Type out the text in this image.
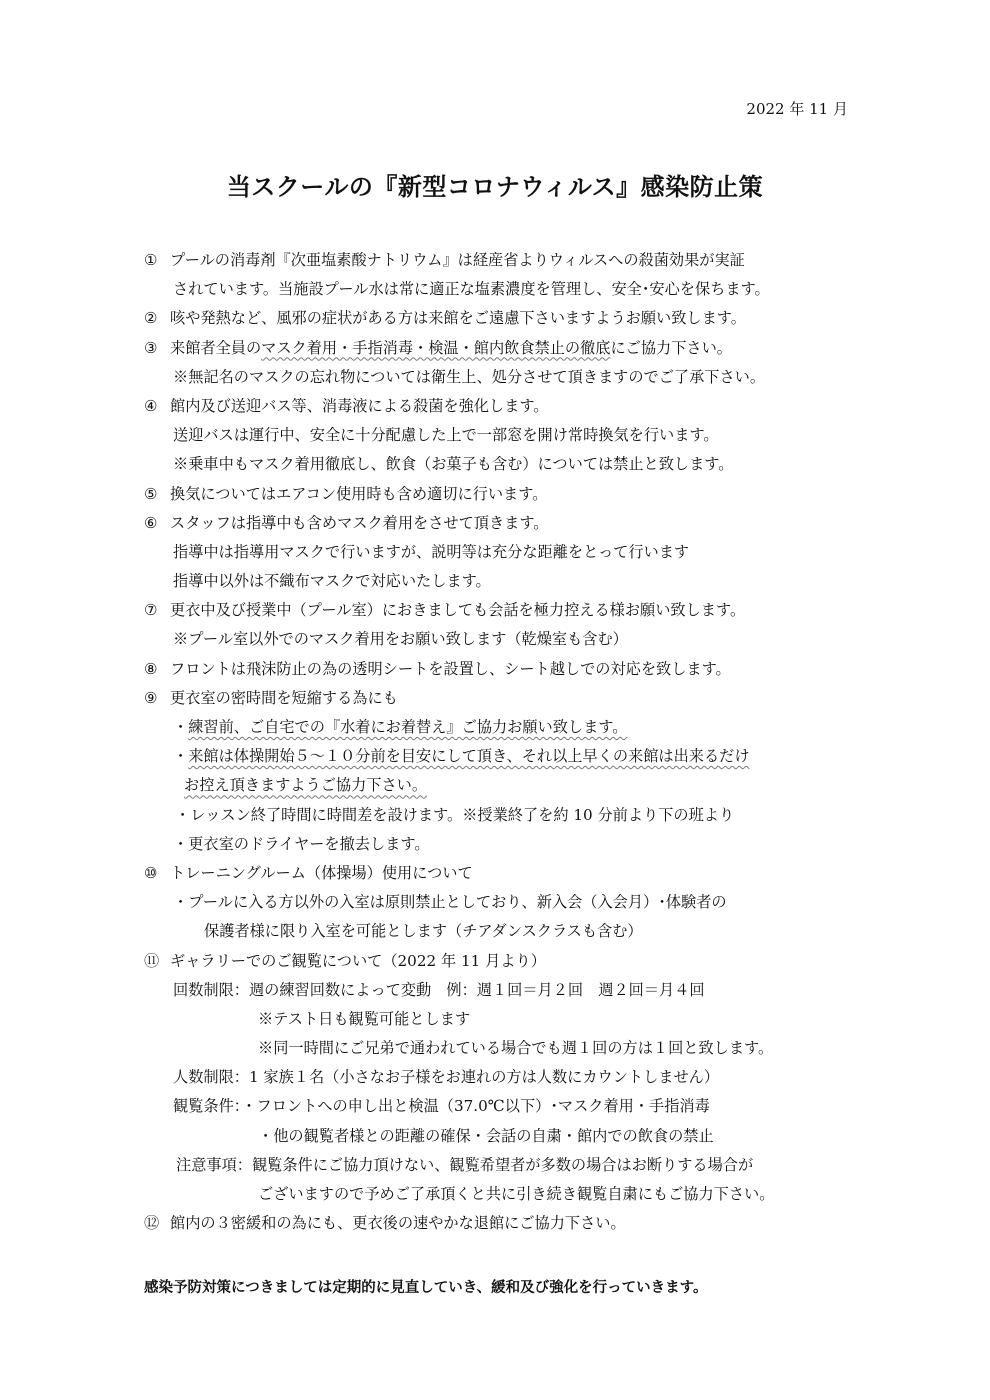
2022 年 11 月
当スクールの『新型コロナウィルス』感染防止策
① プールの消毒剤『次亜塩素酸ナトリウム』は経産省よりウィルスへの殺菌効果が実証
されています。当施設プール水は常に適正な塩素濃度を管理し、安全･安心を保ちます。
② 咳や発熱など、風邪の症状がある方は来館をご遠慮下さいますようお願い致します。
③ 来館者全員のマスク着用・手指消毒・検温・館内飲食禁止の徹底にご協力下さい。
※無記名のマスクの忘れ物については衛生上、処分させて頂きますのでご了承下さい。
④ 館内及び送迎バス等、消毒液による殺菌を強化します。
送迎バスは運行中、安全に十分配慮した上で一部窓を開け常時換気を行います。
※乗車中もマスク着用徹底し、飲食（お菓子も含む）については禁止と致します。
⑤ 換気についてはエアコン使用時も含め適切に行います。
⑥ スタッフは指導中も含めマスク着用をさせて頂きます。
指導中は指導用マスクで行いますが、説明等は充分な距離をとって行います
指導中以外は不織布マスクで対応いたします。
⑦ 更衣中及び授業中（プール室）におきましても会話を極力控える様お願い致します。
※プール室以外でのマスク着用をお願い致します（乾燥室も含む）
⑧ フロントは飛沫防止の為の透明シートを設置し、シート越しでの対応を致します。
⑨ 更衣室の密時間を短縮する為にも
・練習前、ご自宅での『水着にお着替え』ご協力お願い致します。
・来館は体操開始５～１０分前を目安にして頂き、それ以上早くの来館は出来るだけ
お控え頂きますようご協力下さい。
・レッスン終了時間に時間差を設けます。※授業終了を約 10 分前より下の班より
・更衣室のドライヤーを撤去します。
⑩ トレーニングルーム（体操場）使用について
・プールに入る方以外の入室は原則禁止としており、新入会（入会月）･体験者の
保護者様に限り入室を可能とします（チアダンスクラスも含む）
⑪ ギャラリーでのご観覧について（2022 年 11 月より）
回数制限：週の練習回数によって変動　例：週１回＝月２回　週２回＝月４回
※テスト日も観覧可能とします
※同一時間にご兄弟で通われている場合でも週１回の方は１回と致します。
人数制限：1 家族１名（小さなお子様をお連れの方は人数にカウントしません）
観覧条件：・フロントへの申し出と検温（37.0℃以下）･マスク着用・手指消毒
・他の観覧者様との距離の確保・会話の自粛・館内での飲食の禁止
注意事項：観覧条件にご協力頂けない、観覧希望者が多数の場合はお断りする場合が
ございますので予めご了承頂くと共に引き続き観覧自粛にもご協力下さい。
⑫ 館内の３密緩和の為にも、更衣後の速やかな退館にご協力下さい。
感染予防対策につきましては定期的に見直していき、緩和及び強化を行っていきます。
